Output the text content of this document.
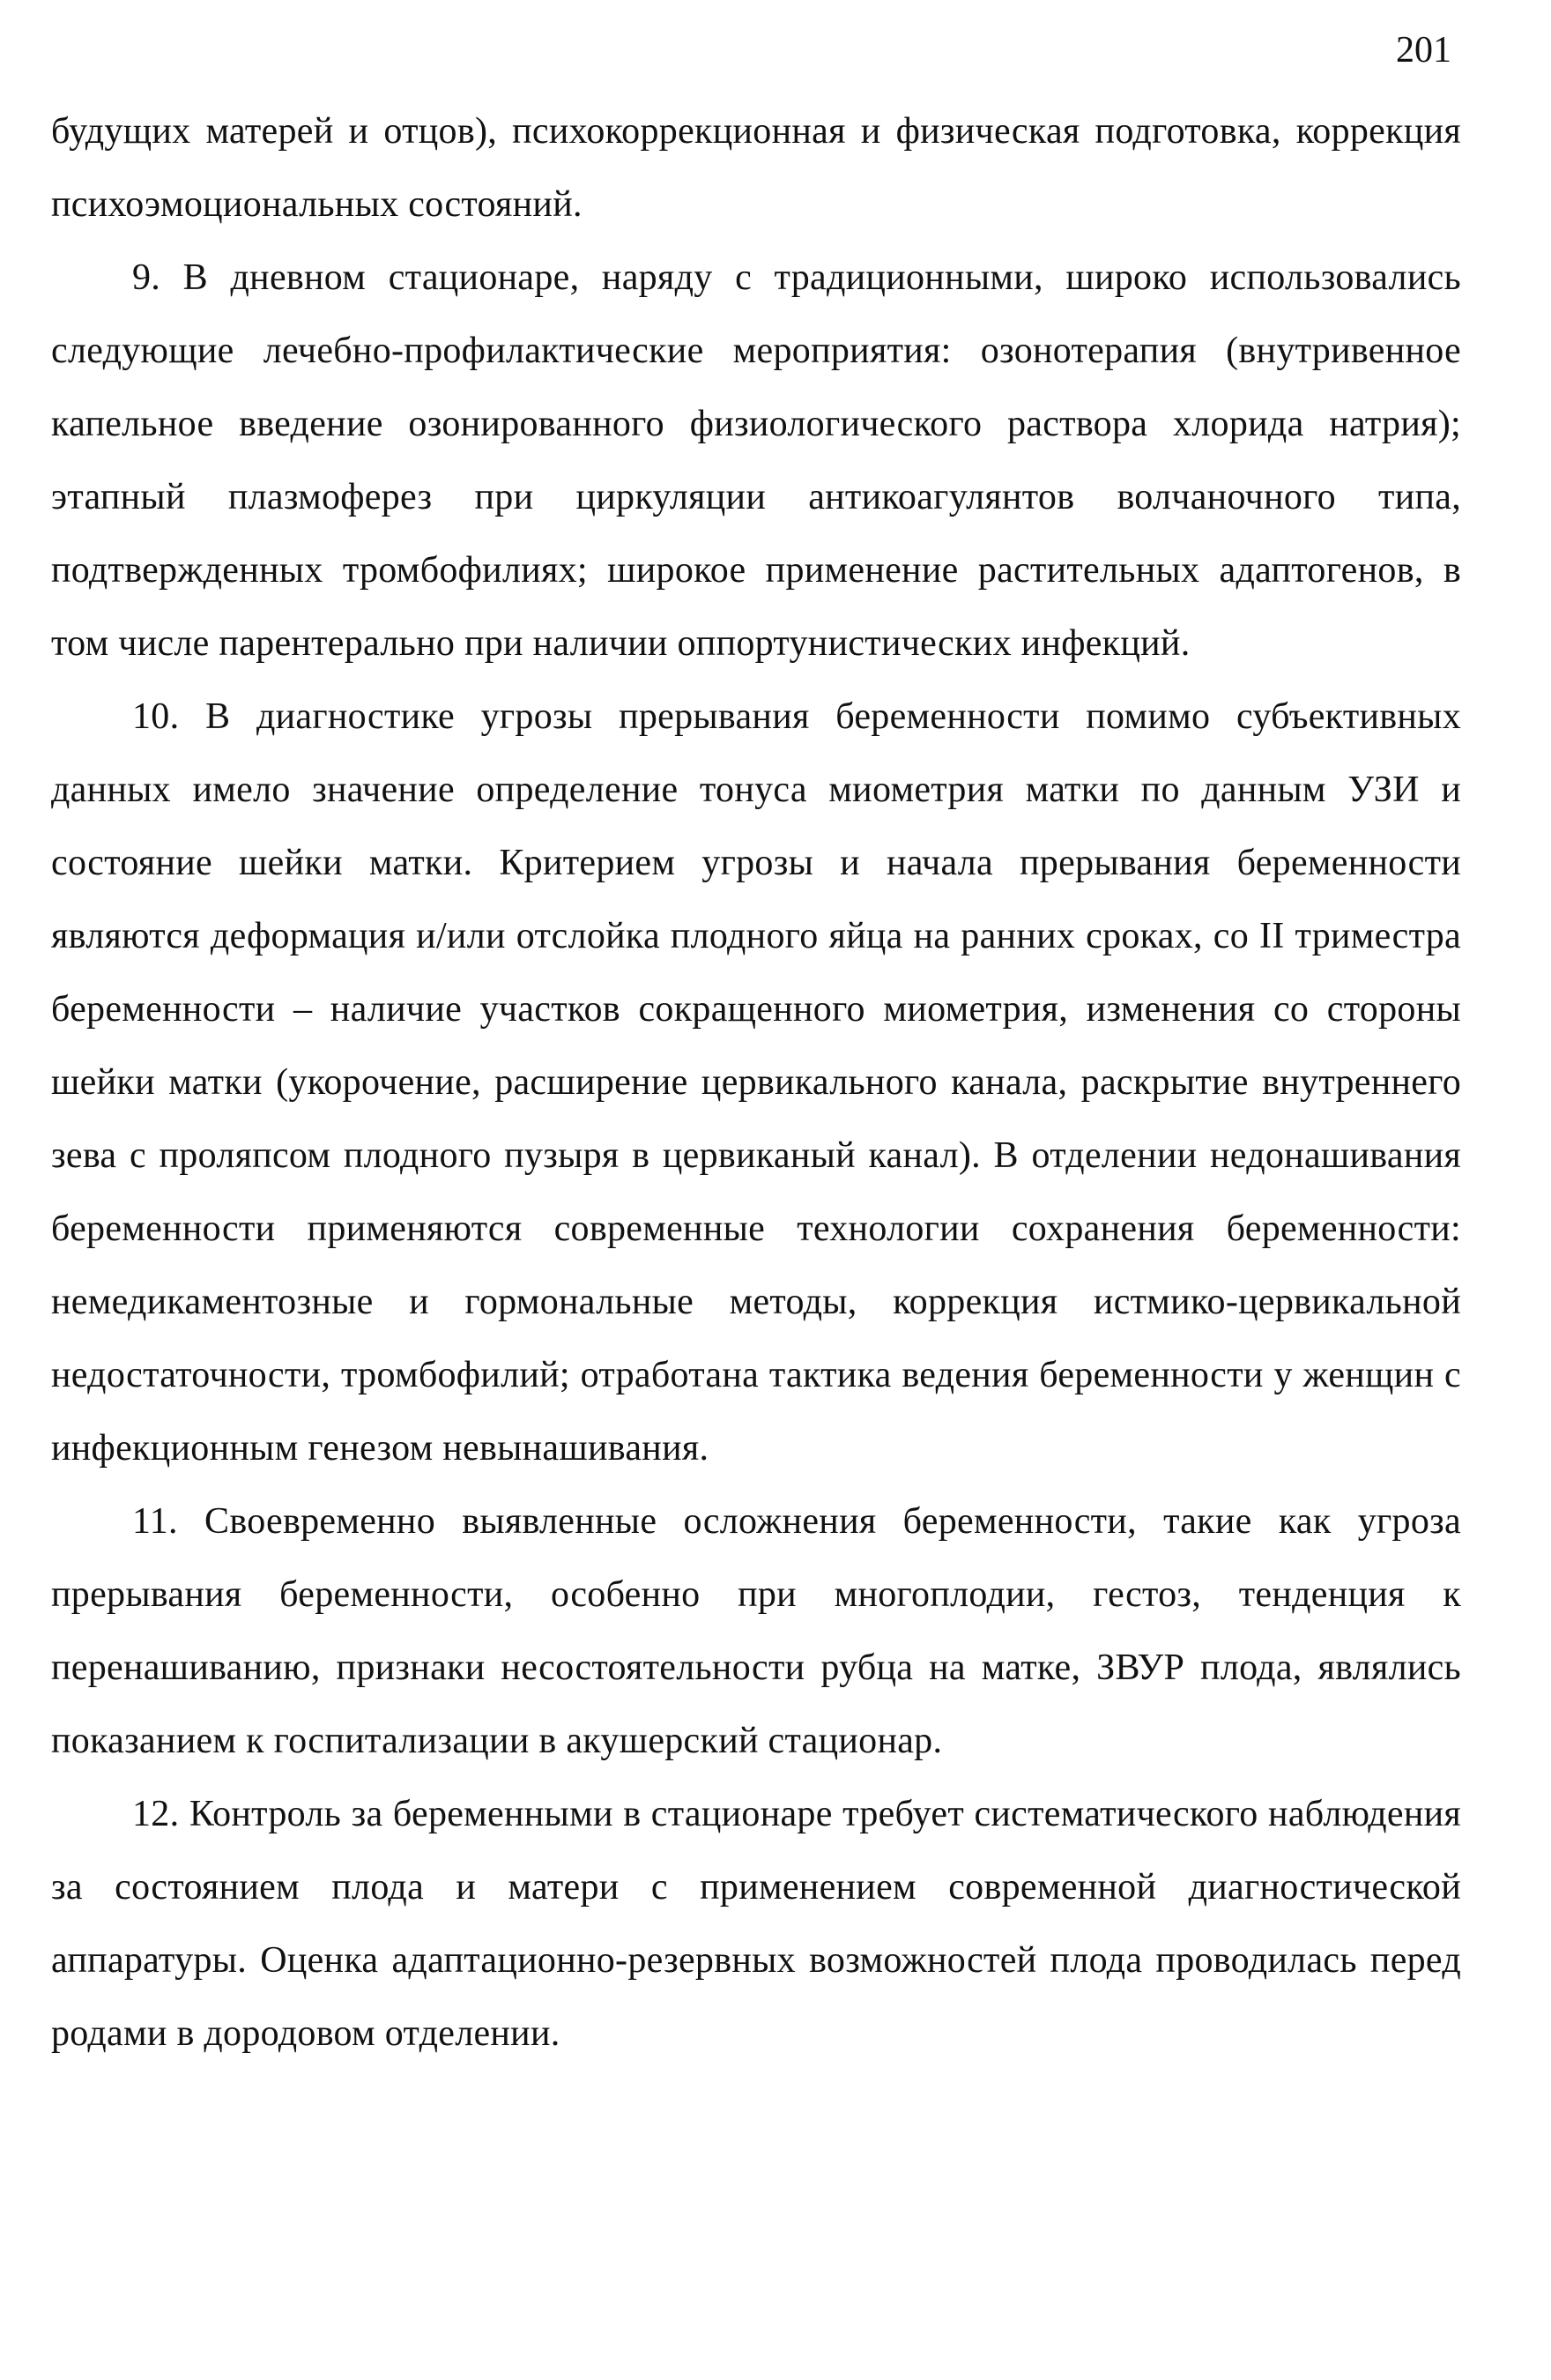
201

будущих матерей и отцов), психокоррекционная и физическая подготовка, коррекция психоэмоциональных состояний.

9. В дневном стационаре, наряду с традиционными, широко использовались следующие лечебно-профилактические мероприятия: озонотерапия (внутривенное капельное введение озонированного физиологического раствора хлорида натрия); этапный плазмоферез при циркуляции антикоагулянтов волчаночного типа, подтвержденных тромбофилиях; широкое применение растительных адаптогенов, в том числе парентерально при наличии оппортунистических инфекций.

10. В диагностике угрозы прерывания беременности помимо субъективных данных имело значение определение тонуса миометрия матки по данным УЗИ и состояние шейки матки. Критерием угрозы и начала прерывания беременности являются деформация и/или отслойка плодного яйца на ранних сроках, со II триместра беременности – наличие участков сокращенного миометрия, изменения со стороны шейки матки (укорочение, расширение цервикального канала, раскрытие внутреннего зева с проляпсом плодного пузыря в цервиканый канал). В отделении недонашивания беременности применяются современные технологии сохранения беременности: немедикаментозные и гормональные методы, коррекция истмико-цервикальной недостаточности, тромбофилий; отработана тактика ведения беременности у женщин с инфекционным генезом невынашивания.

11. Своевременно выявленные осложнения беременности, такие как угроза прерывания беременности, особенно при многоплодии, гестоз, тенденция к перенашиванию, признаки несостоятельности рубца на матке, ЗВУР плода, являлись показанием к госпитализации в акушерский стационар.

12. Контроль за беременными в стационаре требует систематического наблюдения за состоянием плода и матери с применением современной диагностической аппаратуры. Оценка адаптационно-резервных возможностей плода проводилась перед родами в дородовом отделении.
